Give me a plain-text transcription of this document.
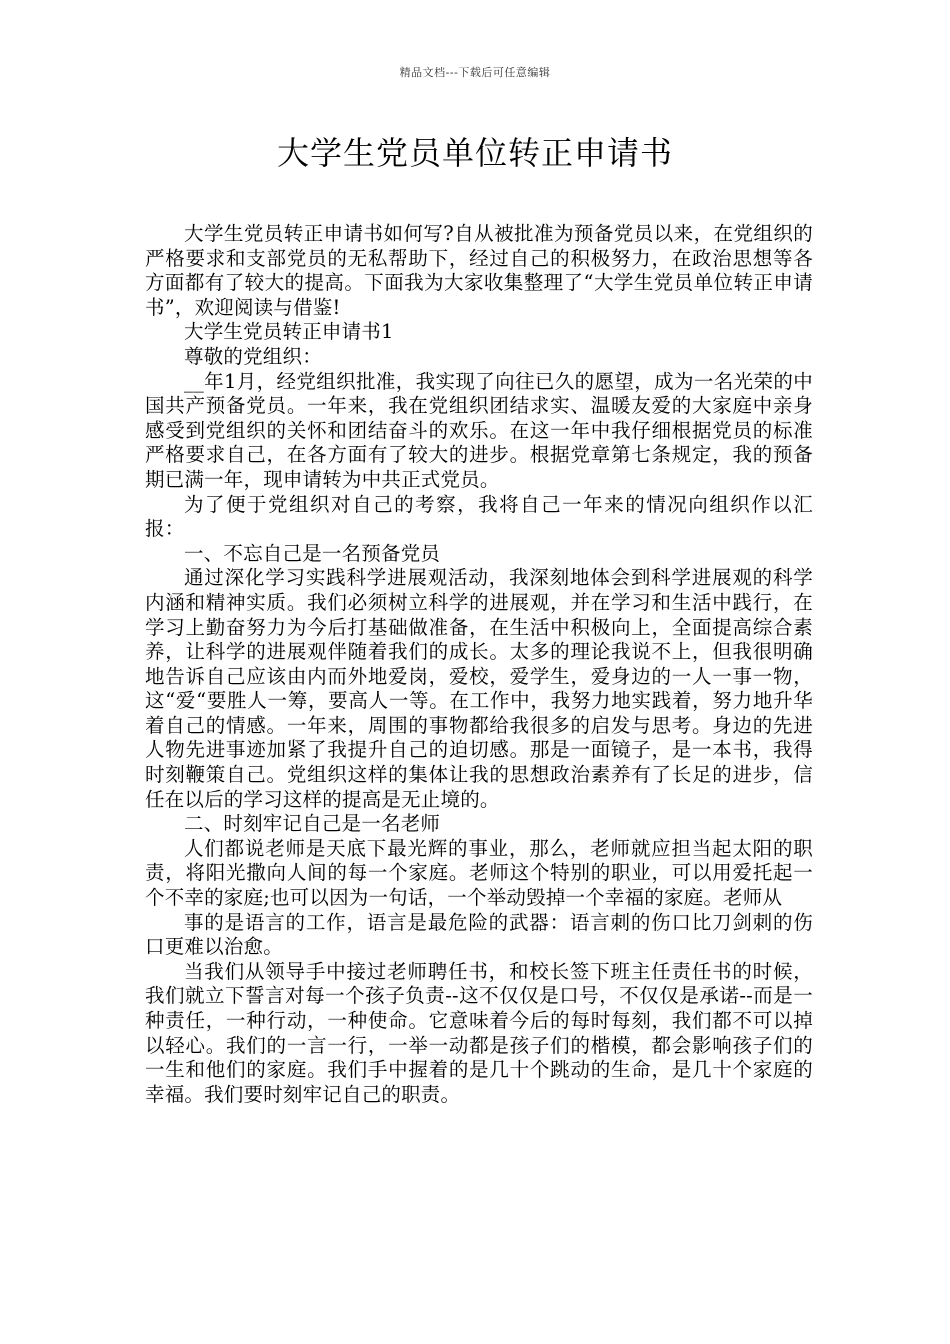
精品文档---下载后可任意编辑
大学生党员单位转正申请书

大学生党员转正申请书如何写?自从被批准为预备党员以来，在党组织的严格要求和支部党员的无私帮助下，经过自己的积极努力，在政治思想等各方面都有了较大的提高。下面我为大家收集整理了“大学生党员单位转正申请书”，欢迎阅读与借鉴!

大学生党员转正申请书1

尊敬的党组织：

__年1月，经党组织批准，我实现了向往已久的愿望，成为一名光荣的中国共产预备党员。一年来，我在党组织团结求实、温暖友爱的大家庭中亲身感受到党组织的关怀和团结奋斗的欢乐。在这一年中我仔细根据党员的标准严格要求自己，在各方面有了较大的进步。根据党章第七条规定，我的预备期已满一年，现申请转为中共正式党员。

为了便于党组织对自己的考察，我将自己一年来的情况向组织作以汇报：

一、不忘自己是一名预备党员

通过深化学习实践科学进展观活动，我深刻地体会到科学进展观的科学内涵和精神实质。我们必须树立科学的进展观，并在学习和生活中践行，在学习上勤奋努力为今后打基础做准备，在生活中积极向上，全面提高综合素养，让科学的进展观伴随着我们的成长。太多的理论我说不上，但我很明确地告诉自己应该由内而外地爱岗，爱校，爱学生，爱身边的一人一事一物，这“爱“要胜人一筹，要高人一等。在工作中，我努力地实践着，努力地升华着自己的情感。一年来，周围的事物都给我很多的启发与思考。身边的先进人物先进事迹加紧了我提升自己的迫切感。那是一面镜子，是一本书，我得时刻鞭策自己。党组织这样的集体让我的思想政治素养有了长足的进步，信任在以后的学习这样的提高是无止境的。

二、时刻牢记自己是一名老师

人们都说老师是天底下最光辉的事业，那么，老师就应担当起太阳的职责，将阳光撒向人间的每一个家庭。老师这个特别的职业，可以用爱托起一个不幸的家庭;也可以因为一句话，一个举动毁掉一个幸福的家庭。老师从

事的是语言的工作，语言是最危险的武器：语言刺的伤口比刀剑刺的伤口更难以治愈。

当我们从领导手中接过老师聘任书，和校长签下班主任责任书的时候，我们就立下誓言对每一个孩子负责--这不仅仅是口号，不仅仅是承诺--而是一种责任，一种行动，一种使命。它意味着今后的每时每刻，我们都不可以掉以轻心。我们的一言一行，一举一动都是孩子们的楷模，都会影响孩子们的一生和他们的家庭。我们手中握着的是几十个跳动的生命，是几十个家庭的幸福。我们要时刻牢记自己的职责。
